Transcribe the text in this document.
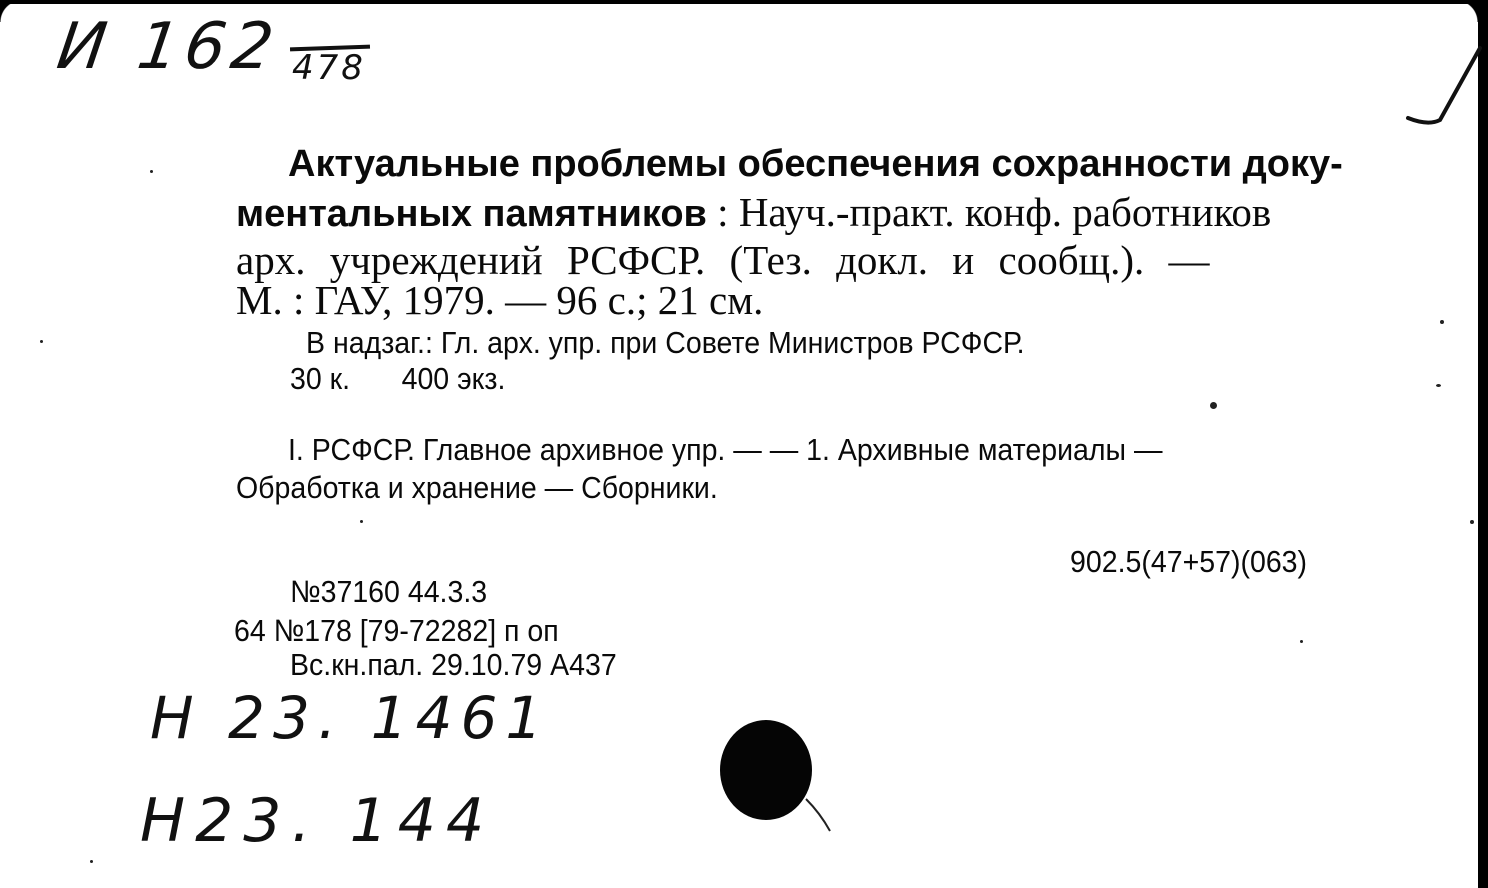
И 162 478
Актуальные проблемы обеспечения сохранности доку-
ментальных памятников : Науч.-практ. конф. работников
арх. учреждений РСФСР. (Тез. докл. и сообщ.). —
М. : ГАУ, 1979. — 96 с.; 21 см.
В надзаг.: Гл. арх. упр. при Совете Министров РСФСР.
30 к. 400 экз.
I. РСФСР. Главное архивное упр. — — 1. Архивные материалы —
Обработка и хранение — Сборники.
902.5(47+57)(063)
№37160 44.3.3
64 №178 [79-72282] п оп
Вс.кн.пал. 29.10.79 А437
Н 23. 1461
Н23. 144
